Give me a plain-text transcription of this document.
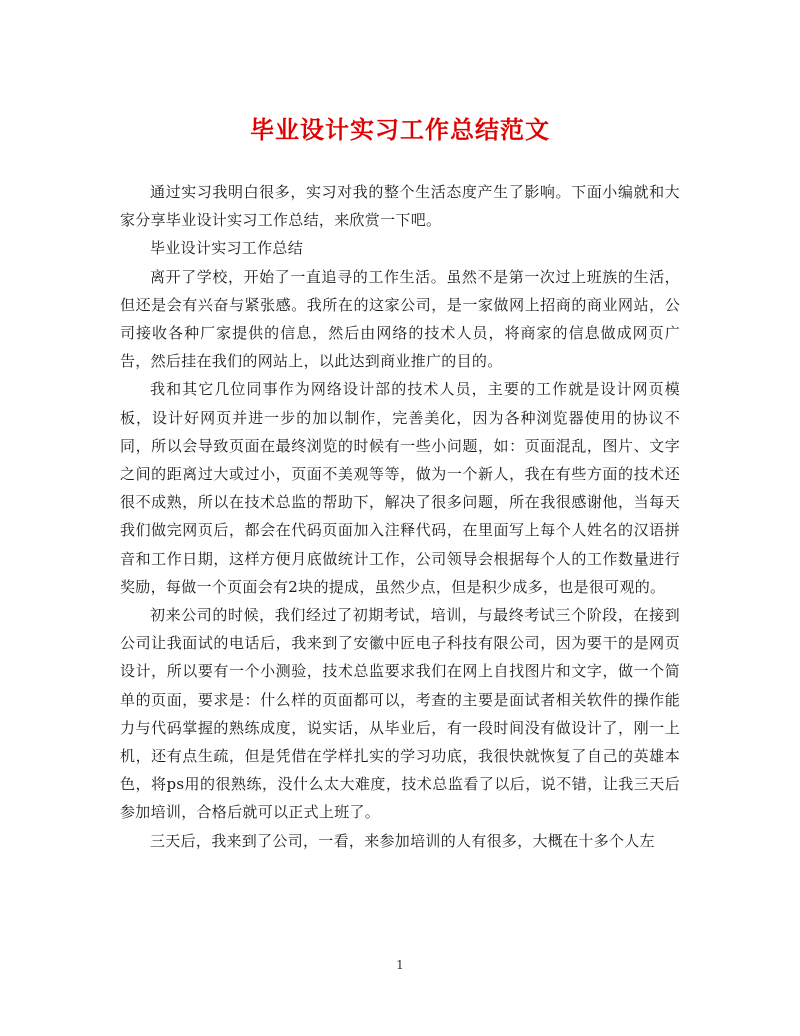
毕业设计实习工作总结范文

通过实习我明白很多，实习对我的整个生活态度产生了影响。下面小编就和大家分享毕业设计实习工作总结，来欣赏一下吧。

毕业设计实习工作总结

离开了学校，开始了一直追寻的工作生活。虽然不是第一次过上班族的生活，但还是会有兴奋与紧张感。我所在的这家公司，是一家做网上招商的商业网站，公司接收各种厂家提供的信息，然后由网络的技术人员，将商家的信息做成网页广告，然后挂在我们的网站上，以此达到商业推广的目的。

我和其它几位同事作为网络设计部的技术人员，主要的工作就是设计网页模板，设计好网页并进一步的加以制作，完善美化，因为各种浏览器使用的协议不同，所以会导致页面在最终浏览的时候有一些小问题，如：页面混乱，图片、文字之间的距离过大或过小，页面不美观等等，做为一个新人，我在有些方面的技术还很不成熟，所以在技术总监的帮助下，解决了很多问题，所在我很感谢他，当每天我们做完网页后，都会在代码页面加入注释代码，在里面写上每个人姓名的汉语拼音和工作日期，这样方便月底做统计工作，公司领导会根据每个人的工作数量进行奖励，每做一个页面会有2块的提成，虽然少点，但是积少成多，也是很可观的。

初来公司的时候，我们经过了初期考试，培训，与最终考试三个阶段，在接到公司让我面试的电话后，我来到了安徽中匠电子科技有限公司，因为要干的是网页设计，所以要有一个小测验，技术总监要求我们在网上自找图片和文字，做一个简单的页面，要求是：什么样的页面都可以，考查的主要是面试者相关软件的操作能力与代码掌握的熟练成度，说实话，从毕业后，有一段时间没有做设计了，刚一上机，还有点生疏，但是凭借在学样扎实的学习功底，我很快就恢复了自己的英雄本色，将ps用的很熟练，没什么太大难度，技术总监看了以后，说不错，让我三天后参加培训，合格后就可以正式上班了。

三天后，我来到了公司，一看，来参加培训的人有很多，大概在十多个人左

1
